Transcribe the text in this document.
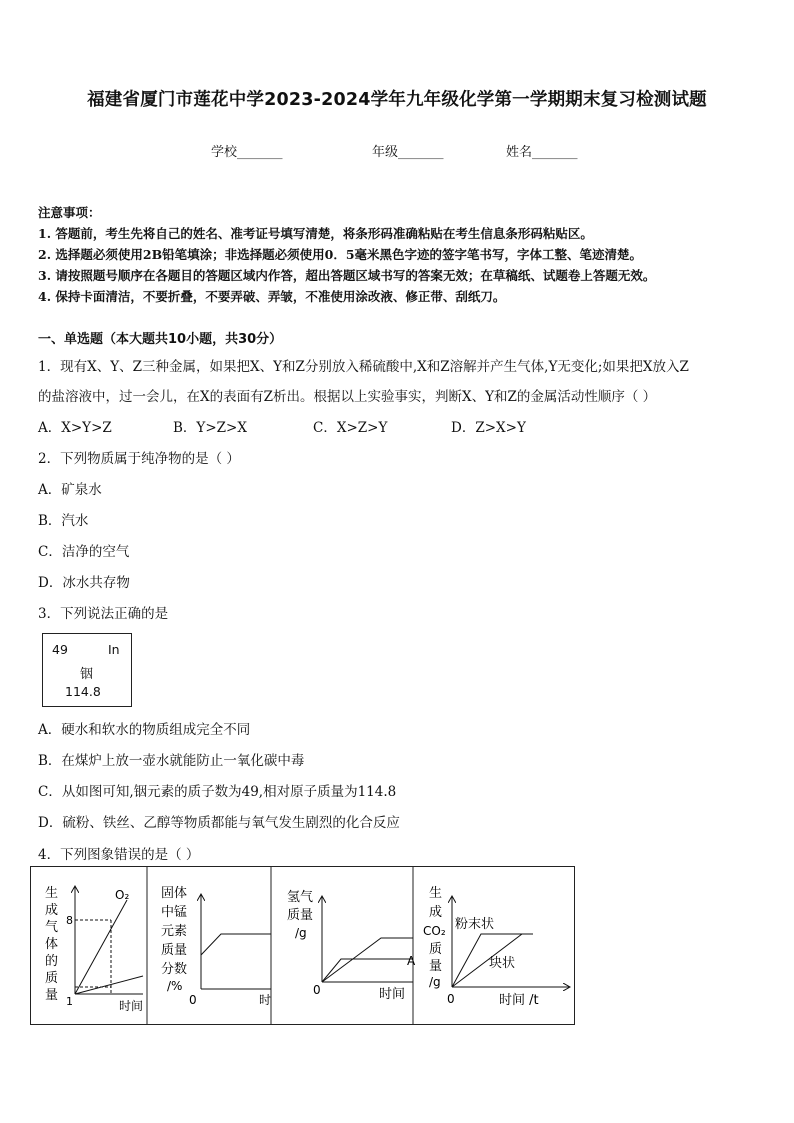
福建省厦门市莲花中学2023-2024学年九年级化学第一学期期末复习检测试题
学校_______	年级_______	姓名_______
注意事项：
1. 答题前，考生先将自己的姓名、准考证号填写清楚，将条形码准确粘贴在考生信息条形码粘贴区。
2. 选择题必须使用2B铅笔填涂；非选择题必须使用0．5毫米黑色字迹的签字笔书写，字体工整、笔迹清楚。
3. 请按照题号顺序在各题目的答题区域内作答，超出答题区域书写的答案无效；在草稿纸、试题卷上答题无效。
4. 保持卡面清洁，不要折叠，不要弄破、弄皱，不准使用涂改液、修正带、刮纸刀。
一、单选题（本大题共10小题，共30分）
1．现有X、Y、Z三种金属，如果把X、Y和Z分别放入稀硫酸中,X和Z溶解并产生气体,Y无变化;如果把X放入Z
的盐溶液中，过一会儿，在X的表面有Z析出。根据以上实验事实，判断X、Y和Z的金属活动性顺序（ ）
A．X>Y>Z	B．Y>Z>X	C．X>Z>Y	D．Z>X>Y
2．下列物质属于纯净物的是（ ）
A．矿泉水
B．汽水
C．洁净的空气
D．冰水共存物
3．下列说法正确的是
49	In
铟
114.8
A．硬水和软水的物质组成完全不同
B．在煤炉上放一壶水就能防止一氧化碳中毒
C．从如图可知,铟元素的质子数为49,相对原子质量为114.8
D．硫粉、铁丝、乙醇等物质都能与氧气发生剧烈的化合反应
4．下列图象错误的是（ ）
生
成
气
体
的
质
量
8
1
O₂
时间
固体
中锰
元素
质量
分数
/%
0	时
氢气
质量
/g
0
A
时间
生
成
CO₂
质
量
/g
0
粉末状
块状
时间 /t
